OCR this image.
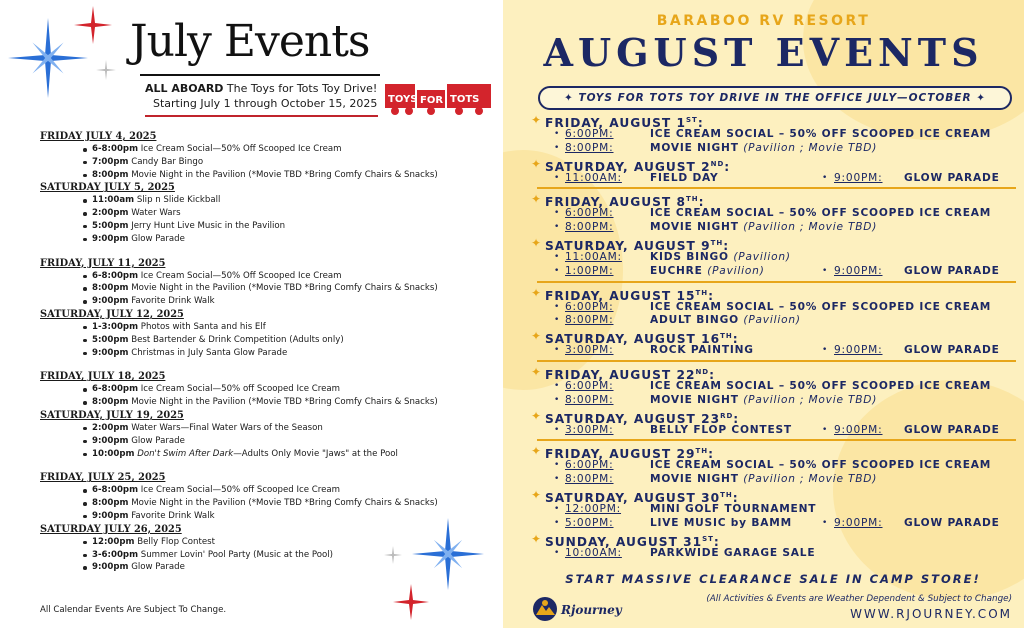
July Events
ALL ABOARD The Toys for Tots Toy Drive!
Starting July 1 through October 15, 2025 TOYS FOR TOTS
FRIDAY JULY 4, 2025
6-8:00pm Ice Cream Social—50% Off Scooped Ice Cream
7:00pm Candy Bar Bingo
8:00pm Movie Night in the Pavilion (*Movie TBD *Bring Comfy Chairs & Snacks)
SATURDAY JULY 5, 2025
11:00am Slip n Slide Kickball
2:00pm Water Wars
5:00pm Jerry Hunt Live Music in the Pavilion
9:00pm Glow Parade
FRIDAY, JULY 11, 2025
6-8:00pm Ice Cream Social—50% Off Scooped Ice Cream
8:00pm Movie Night in the Pavilion (*Movie TBD *Bring Comfy Chairs & Snacks)
9:00pm Favorite Drink Walk
SATURDAY, JULY 12, 2025
1-3:00pm Photos with Santa and his Elf
5:00pm Best Bartender & Drink Competition (Adults only)
9:00pm Christmas in July Santa Glow Parade
FRIDAY, JULY 18, 2025
6-8:00pm Ice Cream Social—50% off Scooped Ice Cream
8:00pm Movie Night in the Pavilion (*Movie TBD *Bring Comfy Chairs & Snacks)
SATURDAY, JULY 19, 2025
2:00pm Water Wars—Final Water Wars of the Season
9:00pm Glow Parade
10:00pm Don't Swim After Dark—Adults Only Movie "Jaws" at the Pool
FRIDAY, JULY 25, 2025
6-8:00pm Ice Cream Social—50% off Scooped Ice Cream
8:00pm Movie Night in the Pavilion (*Movie TBD *Bring Comfy Chairs & Snacks)
9:00pm Favorite Drink Walk
SATURDAY JULY 26, 2025
12:00pm Belly Flop Contest
3-6:00pm Summer Lovin' Pool Party (Music at the Pool)
9:00pm Glow Parade
All Calendar Events Are Subject To Change.
BARABOO RV RESORT
AUGUST EVENTS
✦ TOYS FOR TOTS TOY DRIVE IN THE OFFICE JULY—OCTOBER ✦
✦ FRIDAY, AUGUST 1ST:
• 6:00PM:	ICE CREAM SOCIAL – 50% OFF SCOOPED ICE CREAM
• 8:00PM:	MOVIE NIGHT (Pavilion ; Movie TBD)
✦ SATURDAY, AUGUST 2ND:
• 11:00AM:	FIELD DAY	• 9:00PM: GLOW PARADE
✦ FRIDAY, AUGUST 8TH:
• 6:00PM:	ICE CREAM SOCIAL – 50% OFF SCOOPED ICE CREAM
• 8:00PM:	MOVIE NIGHT (Pavilion ; Movie TBD)
✦ SATURDAY, AUGUST 9TH:
• 11:00AM:	KIDS BINGO (Pavilion)
• 1:00PM:	EUCHRE (Pavilion)	• 9:00PM: GLOW PARADE
✦ FRIDAY, AUGUST 15TH:
• 6:00PM:	ICE CREAM SOCIAL – 50% OFF SCOOPED ICE CREAM
• 8:00PM:	ADULT BINGO (Pavilion)
✦ SATURDAY, AUGUST 16TH:
• 3:00PM:	ROCK PAINTING	• 9:00PM: GLOW PARADE
✦ FRIDAY, AUGUST 22ND:
• 6:00PM:	ICE CREAM SOCIAL – 50% OFF SCOOPED ICE CREAM
• 8:00PM:	MOVIE NIGHT (Pavilion ; Movie TBD)
✦ SATURDAY, AUGUST 23RD:
• 3:00PM:	BELLY FLOP CONTEST	• 9:00PM: GLOW PARADE
✦ FRIDAY, AUGUST 29TH:
• 6:00PM:	ICE CREAM SOCIAL – 50% OFF SCOOPED ICE CREAM
• 8:00PM:	MOVIE NIGHT (Pavilion ; Movie TBD)
✦ SATURDAY, AUGUST 30TH:
• 12:00PM:	MINI GOLF TOURNAMENT
• 5:00PM:	LIVE MUSIC by BAMM	• 9:00PM: GLOW PARADE
✦ SUNDAY, AUGUST 31ST:
• 10:00AM:	PARKWIDE GARAGE SALE
START MASSIVE CLEARANCE SALE IN CAMP STORE!
Rjourney
(All Activities & Events are Weather Dependent & Subject to Change)
WWW.RJOURNEY.COM
